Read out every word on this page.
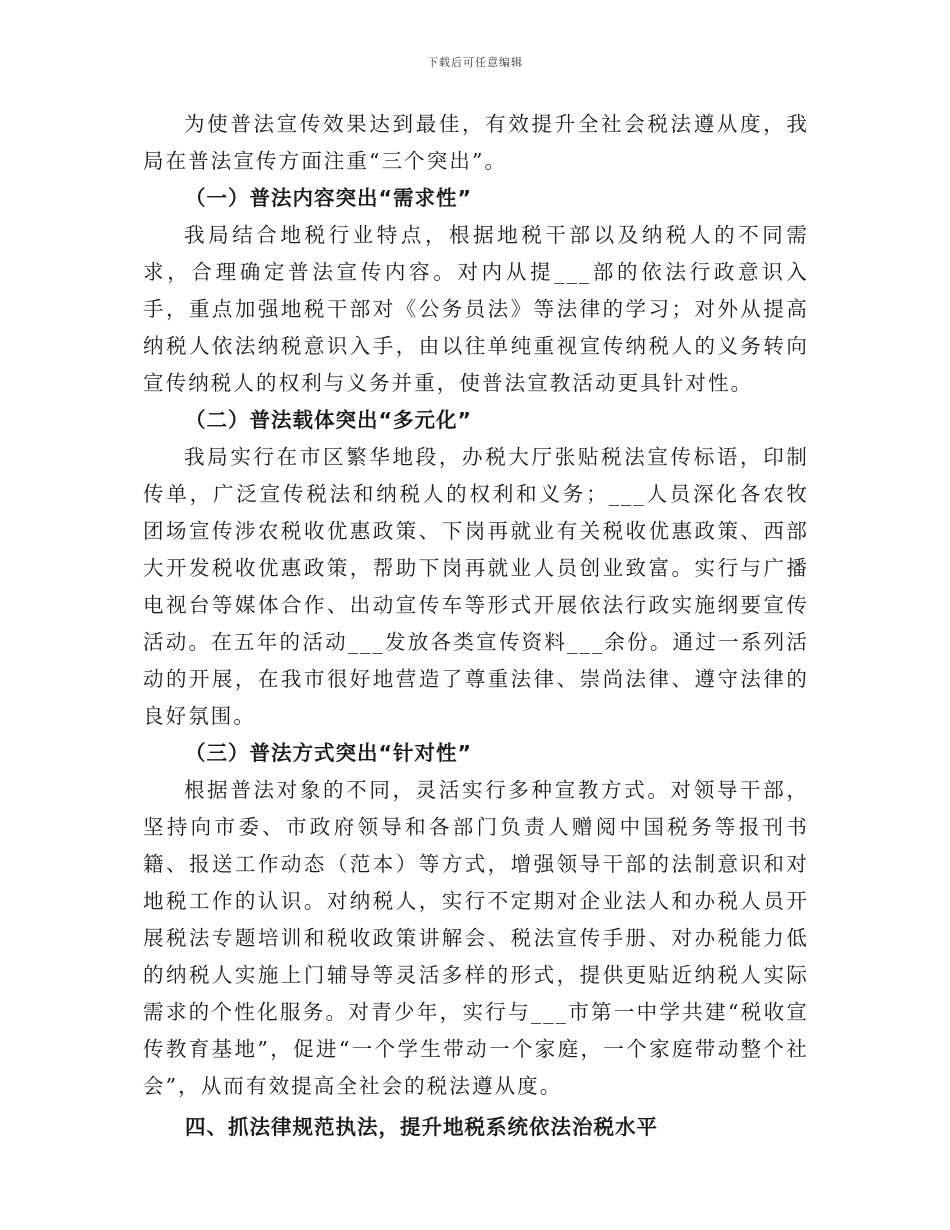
下载后可任意编辑

为使普法宣传效果达到最佳，有效提升全社会税法遵从度，我局在普法宣传方面注重“三个突出”。

（一）普法内容突出“需求性”

我局结合地税行业特点，根据地税干部以及纳税人的不同需求，合理确定普法宣传内容。对内从提___部的依法行政意识入手，重点加强地税干部对《公务员法》等法律的学习；对外从提高纳税人依法纳税意识入手，由以往单纯重视宣传纳税人的义务转向宣传纳税人的权利与义务并重，使普法宣教活动更具针对性。

（二）普法载体突出“多元化”

我局实行在市区繁华地段，办税大厅张贴税法宣传标语，印制传单，广泛宣传税法和纳税人的权利和义务；___人员深化各农牧团场宣传涉农税收优惠政策、下岗再就业有关税收优惠政策、西部大开发税收优惠政策，帮助下岗再就业人员创业致富。实行与广播电视台等媒体合作、出动宣传车等形式开展依法行政实施纲要宣传活动。在五年的活动___发放各类宣传资料___余份。通过一系列活动的开展，在我市很好地营造了尊重法律、崇尚法律、遵守法律的良好氛围。

（三）普法方式突出“针对性”

根据普法对象的不同，灵活实行多种宣教方式。对领导干部，坚持向市委、市政府领导和各部门负责人赠阅中国税务等报刊书籍、报送工作动态（范本）等方式，增强领导干部的法制意识和对地税工作的认识。对纳税人，实行不定期对企业法人和办税人员开展税法专题培训和税收政策讲解会、税法宣传手册、对办税能力低的纳税人实施上门辅导等灵活多样的形式，提供更贴近纳税人实际需求的个性化服务。对青少年，实行与___市第一中学共建“税收宣传教育基地”，促进“一个学生带动一个家庭，一个家庭带动整个社会”，从而有效提高全社会的税法遵从度。

四、抓法律规范执法，提升地税系统依法治税水平
